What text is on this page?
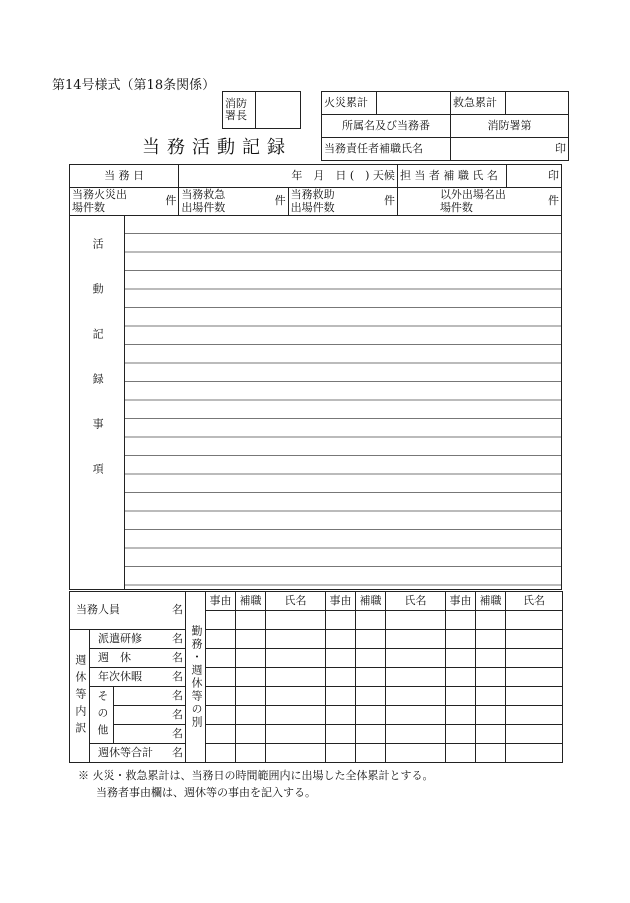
第14号様式（第18条関係）
消防署長	
当務活動記録
火災累計		救急累計	
所属名及び当務番		消防署第	
当務責任者補職氏名		印	
当 務 日		年　月　日 (　) 天候		担 当 者 補 職 氏 名	印
当務火災出場件数 件		当務救急出場件数 件	当務救助出場件数 件	以外出場名出場件数 件	

活動記録事項					

当務人員 名			勤務・週休等の別	事由	補職	氏名	事由	補職	氏名	事由	補職	氏名

週休等内訳	派遣研修 名											

	週　休 名											

	年次休暇 名											

	その他	名										
		名										
		名										
	週休等合計 名											

※ 火災・救急累計は、当務日の時間範囲内に出場した全体累計とする。
当務者事由欄は、週休等の事由を記入する。
